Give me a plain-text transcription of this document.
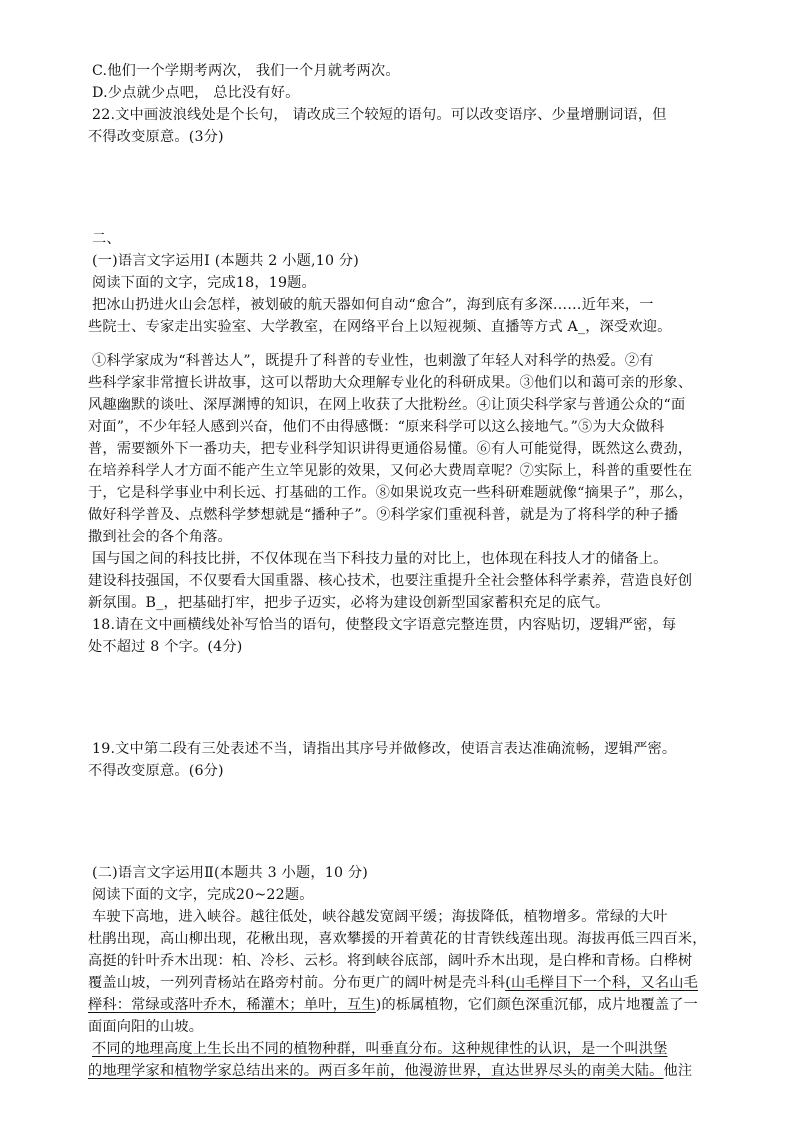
C.他们一个学期考两次， 我们一个月就考两次。
D.少点就少点吧， 总比没有好。
22.文中画波浪线处是个长句， 请改成三个较短的语句。可以改变语序、少量增删词语，但
不得改变原意。(3分)
二、
(一)语言文字运用Ⅰ (本题共 2 小题,10 分)
阅读下面的文字，完成18，19题。
把冰山扔进火山会怎样，被划破的航天器如何自动“愈合”，海到底有多深……近年来，一
些院士、专家走出实验室、大学教室，在网络平台上以短视频、直播等方式 A_，深受欢迎。
①科学家成为“科普达人”，既提升了科普的专业性，也刺激了年轻人对科学的热爱。②有
些科学家非常擅长讲故事，这可以帮助大众理解专业化的科研成果。③他们以和蔼可亲的形象、
风趣幽默的谈吐、深厚渊博的知识，在网上收获了大批粉丝。④让顶尖科学家与普通公众的“面
对面”，不少年轻人感到兴奋，他们不由得感慨：“原来科学可以这么接地气。”⑤为大众做科
普，需要额外下一番功夫，把专业科学知识讲得更通俗易懂。⑥有人可能觉得，既然这么费劲，
在培养科学人才方面不能产生立竿见影的效果，又何必大费周章呢？⑦实际上，科普的重要性在
于，它是科学事业中利长远、打基础的工作。⑧如果说攻克一些科研难题就像“摘果子”，那么，
做好科学普及、点燃科学梦想就是“播种子”。⑨科学家们重视科普，就是为了将科学的种子播
撒到社会的各个角落。
国与国之间的科技比拼，不仅体现在当下科技力量的对比上，也体现在科技人才的储备上。
建设科技强国，不仅要看大国重器、核心技术，也要注重提升全社会整体科学素养，营造良好创
新氛围。B_，把基础打牢，把步子迈实，必将为建设创新型国家蓄积充足的底气。
18.请在文中画横线处补写恰当的语句，使整段文字语意完整连贯，内容贴切，逻辑严密，每
处不超过 8 个字。(4分)
19.文中第二段有三处表述不当，请指出其序号并做修改，使语言表达准确流畅，逻辑严密。
不得改变原意。(6分)
(二)语言文字运用Ⅱ(本题共 3 小题，10 分)
阅读下面的文字，完成20~22题。
车驶下高地，进入峡谷。越往低处，峡谷越发宽阔平缓；海拔降低，植物增多。常绿的大叶
杜鹃出现，高山柳出现，花楸出现，喜欢攀援的开着黄花的甘青铁线莲出现。海拔再低三四百米，
高挺的针叶乔木出现：柏、冷杉、云杉。将到峡谷底部，阔叶乔木出现，是白桦和青杨。白桦树
覆盖山坡，一列列青杨站在路旁村前。分布更广的阔叶树是壳斗科(山毛榉目下一个科，又名山毛
榉科：常绿或落叶乔木，稀灌木；单叶，互生)的栎属植物，它们颜色深重沉郁，成片地覆盖了一
面面向阳的山坡。
不同的地理高度上生长出不同的植物种群，叫垂直分布。这种规律性的认识，是一个叫洪堡
的地理学家和植物学家总结出来的。两百多年前，他漫游世界，直达世界尽头的南美大陆。他注
